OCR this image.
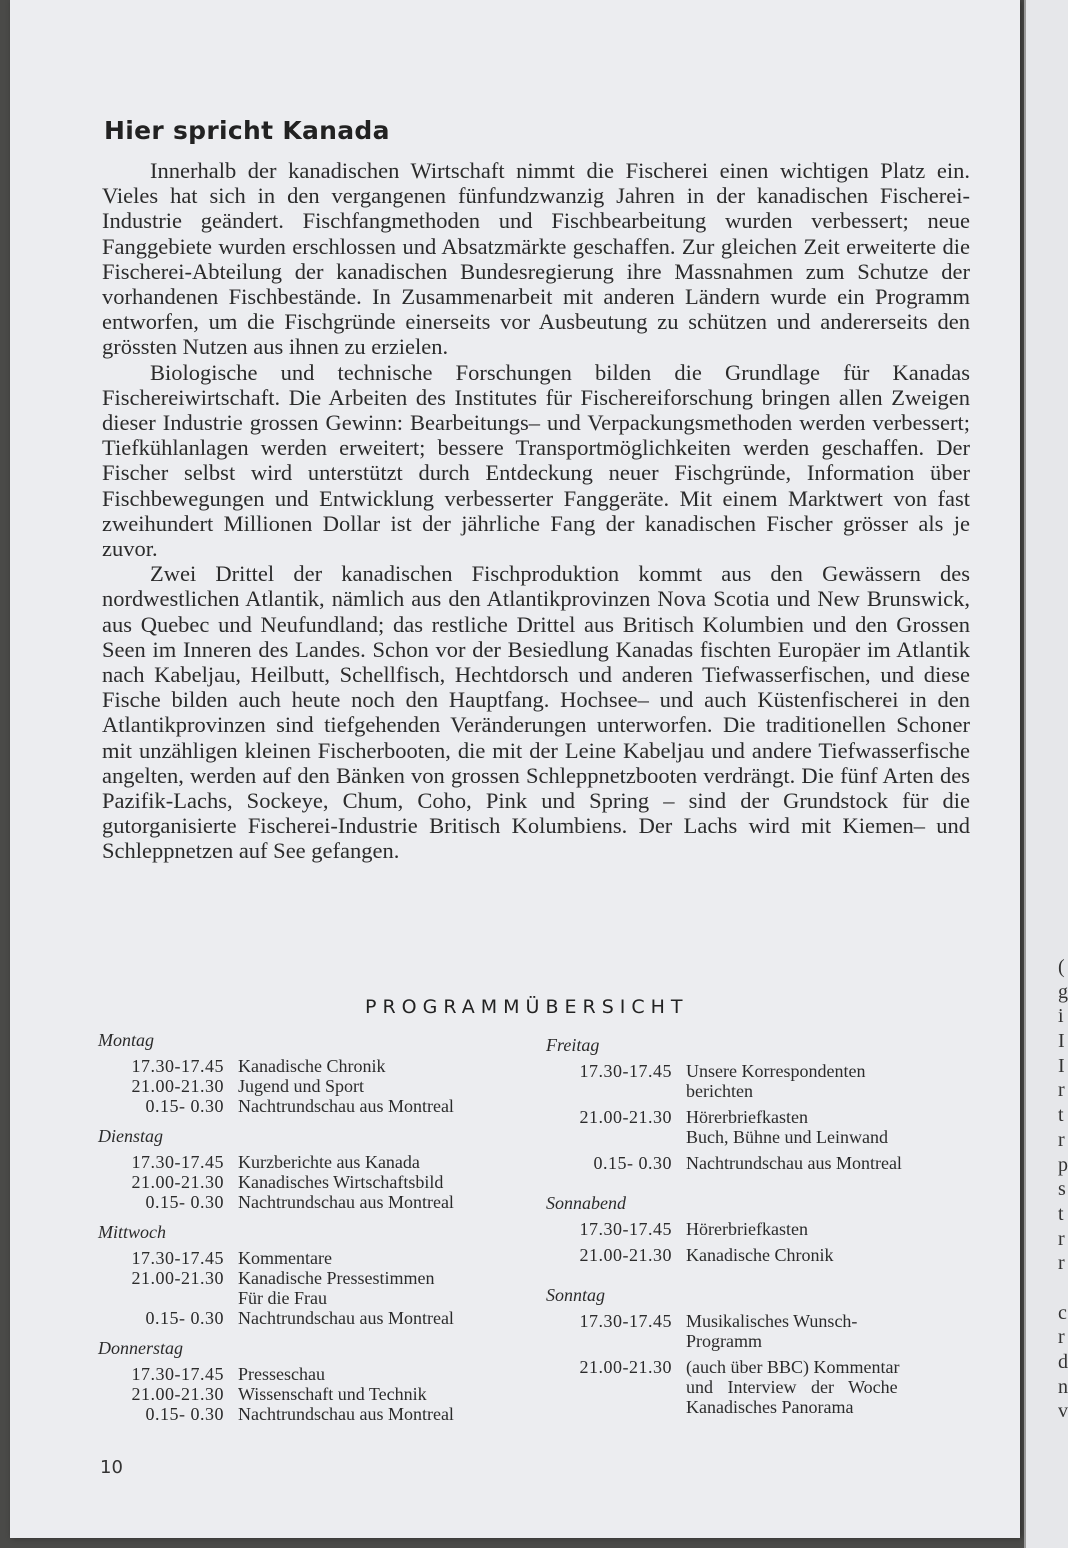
Hier spricht Kanada

Innerhalb der kanadischen Wirtschaft nimmt die Fischerei einen wichtigen Platz ein. Vieles hat sich in den vergangenen fünfundzwanzig Jahren in der kanadischen Fischerei-Industrie geändert. Fischfangmethoden und Fischbearbeitung wurden verbessert; neue Fanggebiete wurden erschlossen und Absatzmärkte geschaffen. Zur gleichen Zeit erweiterte die Fischerei-Abteilung der kanadischen Bundesregierung ihre Massnahmen zum Schutze der vorhandenen Fischbestände. In Zusammenarbeit mit anderen Ländern wurde ein Programm entworfen, um die Fischgründe einerseits vor Ausbeutung zu schützen und andererseits den grössten Nutzen aus ihnen zu erzielen.

Biologische und technische Forschungen bilden die Grundlage für Kanadas Fischereiwirtschaft. Die Arbeiten des Institutes für Fischereiforschung bringen allen Zweigen dieser Industrie grossen Gewinn: Bearbeitungs– und Verpackungsmethoden werden verbessert; Tiefkühlanlagen werden erweitert; bessere Transportmöglichkeiten werden geschaffen. Der Fischer selbst wird unterstützt durch Entdeckung neuer Fischgründe, Information über Fischbewegungen und Entwicklung verbesserter Fanggeräte. Mit einem Marktwert von fast zweihundert Millionen Dollar ist der jährliche Fang der kanadischen Fischer grösser als je zuvor.

Zwei Drittel der kanadischen Fischproduktion kommt aus den Gewässern des nordwestlichen Atlantik, nämlich aus den Atlantikprovinzen Nova Scotia und New Brunswick, aus Quebec und Neufundland; das restliche Drittel aus Britisch Kolumbien und den Grossen Seen im Inneren des Landes. Schon vor der Besiedlung Kanadas fischten Europäer im Atlantik nach Kabeljau, Heilbutt, Schellfisch, Hechtdorsch und anderen Tiefwasserfischen, und diese Fische bilden auch heute noch den Hauptfang. Hochsee– und auch Küstenfischerei in den Atlantikprovinzen sind tiefgehenden Veränderungen unterworfen. Die traditionellen Schoner mit unzähligen kleinen Fischerbooten, die mit der Leine Kabeljau und andere Tiefwasserfische angelten, werden auf den Bänken von grossen Schleppnetzbooten verdrängt. Die fünf Arten des Pazifik-Lachs, Sockeye, Chum, Coho, Pink und Spring – sind der Grundstock für die gutorganisierte Fischerei-Industrie Britisch Kolumbiens. Der Lachs wird mit Kiemen– und Schleppnetzen auf See gefangen.

PROGRAMMÜBERSICHT
Montag
17.30-17.45 Kanadische Chronik
21.00-21.30 Jugend und Sport
0.15- 0.30 Nachtrundschau aus Montreal
Dienstag
17.30-17.45 Kurzberichte aus Kanada
21.00-21.30 Kanadisches Wirtschaftsbild
0.15- 0.30 Nachtrundschau aus Montreal
Mittwoch
17.30-17.45 Kommentare
21.00-21.30 Kanadische Pressestimmen
Für die Frau
0.15- 0.30 Nachtrundschau aus Montreal
Donnerstag
17.30-17.45 Presseschau
21.00-21.30 Wissenschaft und Technik
0.15- 0.30 Nachtrundschau aus Montreal
Freitag
17.30-17.45 Unsere Korrespondenten
berichten
21.00-21.30 Hörerbriefkasten
Buch, Bühne und Leinwand
0.15- 0.30 Nachtrundschau aus Montreal
Sonnabend
17.30-17.45 Hörerbriefkasten
21.00-21.30 Kanadische Chronik
Sonntag
17.30-17.45 Musikalisches Wunsch-
Programm
21.00-21.30 (auch über BBC) Kommentar
und Interview der Woche
Kanadisches Panorama
10
(
g
i
I
I
r
t
r
p
s
t
r
r
c
r
d
n
v
